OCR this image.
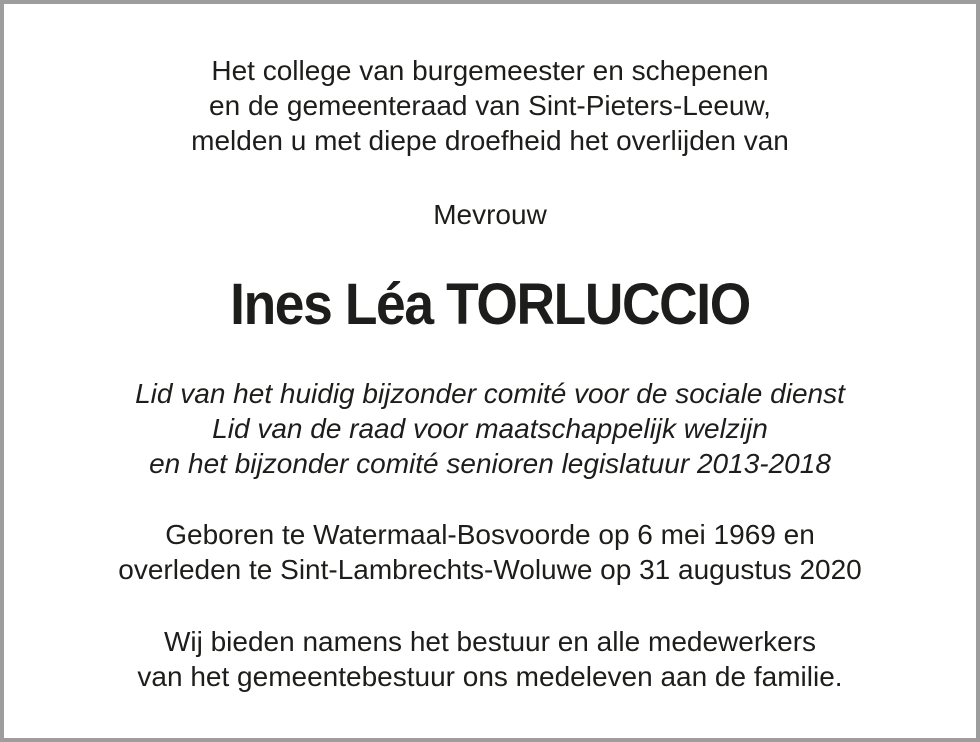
Het college van burgemeester en schepenen
en de gemeenteraad van Sint-Pieters-Leeuw,
melden u met diepe droefheid het overlijden van
Mevrouw
Ines Léa TORLUCCIO
Lid van het huidig bijzonder comité voor de sociale dienst
Lid van de raad voor maatschappelijk welzijn
en het bijzonder comité senioren legislatuur 2013-2018
Geboren te Watermaal-Bosvoorde op 6 mei 1969 en
overleden te Sint-Lambrechts-Woluwe op 31 augustus 2020
Wij bieden namens het bestuur en alle medewerkers
van het gemeentebestuur ons medeleven aan de familie.
